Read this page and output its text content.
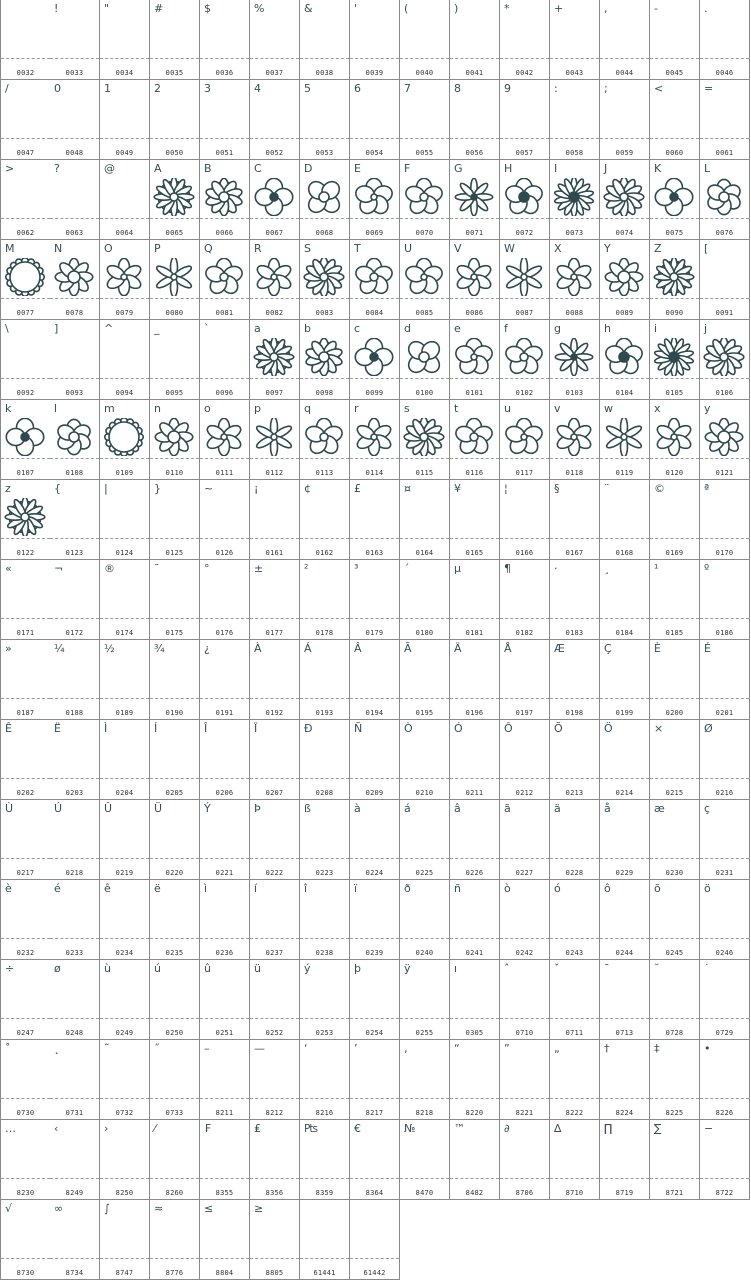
0032
!
0033
"
0034
#
0035
$
0036
%
0037
&
0038
'
0039
(
0040
)
0041
*
0042
+
0043
,
0044
-
0045
.
0046
/
0047
0
0048
1
0049
2
0050
3
0051
4
0052
5
0053
6
0054
7
0055
8
0056
9
0057
:
0058
;
0059
<
0060
=
0061
>
0062
?
0063
@
0064
A
0065
B
0066
C
0067
D
0068
E
0069
F
0070
G
0071
H
0072
I
0073
J
0074
K
0075
L
0076
M
0077
N
0078
O
0079
P
0080
Q
0081
R
0082
S
0083
T
0084
U
0085
V
0086
W
0087
X
0088
Y
0089
Z
0090
[
0091
\
0092
]
0093
^
0094
_
0095
`
0096
a
0097
b
0098
c
0099
d
0100
e
0101
f
0102
g
0103
h
0104
i
0105
j
0106
k
0107
l
0108
m
0109
n
0110
o
0111
p
0112
q
0113
r
0114
s
0115
t
0116
u
0117
v
0118
w
0119
x
0120
y
0121
z
0122
{
0123
|
0124
}
0125
~
0126
¡
0161
¢
0162
£
0163
¤
0164
¥
0165
¦
0166
§
0167
¨
0168
©
0169
ª
0170
«
0171
¬
0172
®
0174
¯
0175
°
0176
±
0177
²
0178
³
0179
´
0180
µ
0181
¶
0182
·
0183
¸
0184
¹
0185
º
0186
»
0187
¼
0188
½
0189
¾
0190
¿
0191
À
0192
Á
0193
Â
0194
Ã
0195
Ä
0196
Å
0197
Æ
0198
Ç
0199
È
0200
É
0201
Ê
0202
Ë
0203
Ì
0204
Í
0205
Î
0206
Ï
0207
Ð
0208
Ñ
0209
Ò
0210
Ó
0211
Ô
0212
Õ
0213
Ö
0214
×
0215
Ø
0216
Ù
0217
Ú
0218
Û
0219
Ü
0220
Ý
0221
Þ
0222
ß
0223
à
0224
á
0225
â
0226
ã
0227
ä
0228
å
0229
æ
0230
ç
0231
è
0232
é
0233
ê
0234
ë
0235
ì
0236
í
0237
î
0238
ï
0239
ð
0240
ñ
0241
ò
0242
ó
0243
ô
0244
õ
0245
ö
0246
÷
0247
ø
0248
ù
0249
ú
0250
û
0251
ü
0252
ý
0253
þ
0254
ÿ
0255
ı
0305
ˆ
0710
ˇ
0711
ˉ
0713
˘
0728
˙
0729
˚
0730
˛
0731
˜
0732
˝
0733
–
8211
—
8212
‘
8216
’
8217
‚
8218
“
8220
”
8221
„
8222
†
8224
‡
8225
•
8226
…
8230
‹
8249
›
8250
⁄
8260
₣
8355
₤
8356
₧
8359
€
8364
№
8470
™
8482
∂
8706
∆
8710
∏
8719
∑
8721
−
8722
√
8730
∞
8734
∫
8747
≈
8776
≤
8804
≥
8805	61441	61442
